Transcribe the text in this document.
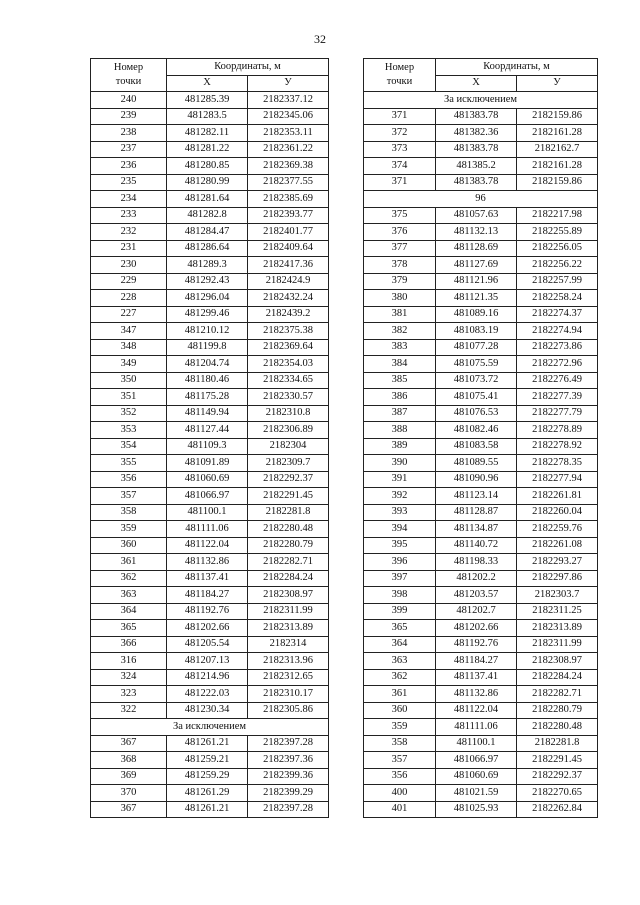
32
Номер
точки	Координаты, м	
	X	У
240	481285.39	2182337.12
239	481283.5	2182345.06
238	481282.11	2182353.11
237	481281.22	2182361.22
236	481280.85	2182369.38
235	481280.99	2182377.55
234	481281.64	2182385.69
233	481282.8	2182393.77
232	481284.47	2182401.77
231	481286.64	2182409.64
230	481289.3	2182417.36
229	481292.43	2182424.9
228	481296.04	2182432.24
227	481299.46	2182439.2
347	481210.12	2182375.38
348	481199.8	2182369.64
349	481204.74	2182354.03
350	481180.46	2182334.65
351	481175.28	2182330.57
352	481149.94	2182310.8
353	481127.44	2182306.89
354	481109.3	2182304
355	481091.89	2182309.7
356	481060.69	2182292.37
357	481066.97	2182291.45
358	481100.1	2182281.8
359	481111.06	2182280.48
360	481122.04	2182280.79
361	481132.86	2182282.71
362	481137.41	2182284.24
363	481184.27	2182308.97
364	481192.76	2182311.99
365	481202.66	2182313.89
366	481205.54	2182314
316	481207.13	2182313.96
324	481214.96	2182312.65
323	481222.03	2182310.17
322	481230.34	2182305.86
За исключением		
367	481261.21	2182397.28
368	481259.21	2182397.36
369	481259.29	2182399.36
370	481261.29	2182399.29
367	481261.21	2182397.28
Номер
точки	Координаты, м	
	X	У
За исключением		
371	481383.78	2182159.86
372	481382.36	2182161.28
373	481383.78	2182162.7
374	481385.2	2182161.28
371	481383.78	2182159.86
96		
375	481057.63	2182217.98
376	481132.13	2182255.89
377	481128.69	2182256.05
378	481127.69	2182256.22
379	481121.96	2182257.99
380	481121.35	2182258.24
381	481089.16	2182274.37
382	481083.19	2182274.94
383	481077.28	2182273.86
384	481075.59	2182272.96
385	481073.72	2182276.49
386	481075.41	2182277.39
387	481076.53	2182277.79
388	481082.46	2182278.89
389	481083.58	2182278.92
390	481089.55	2182278.35
391	481090.96	2182277.94
392	481123.14	2182261.81
393	481128.87	2182260.04
394	481134.87	2182259.76
395	481140.72	2182261.08
396	481198.33	2182293.27
397	481202.2	2182297.86
398	481203.57	2182303.7
399	481202.7	2182311.25
365	481202.66	2182313.89
364	481192.76	2182311.99
363	481184.27	2182308.97
362	481137.41	2182284.24
361	481132.86	2182282.71
360	481122.04	2182280.79
359	481111.06	2182280.48
358	481100.1	2182281.8
357	481066.97	2182291.45
356	481060.69	2182292.37
400	481021.59	2182270.65
401	481025.93	2182262.84
